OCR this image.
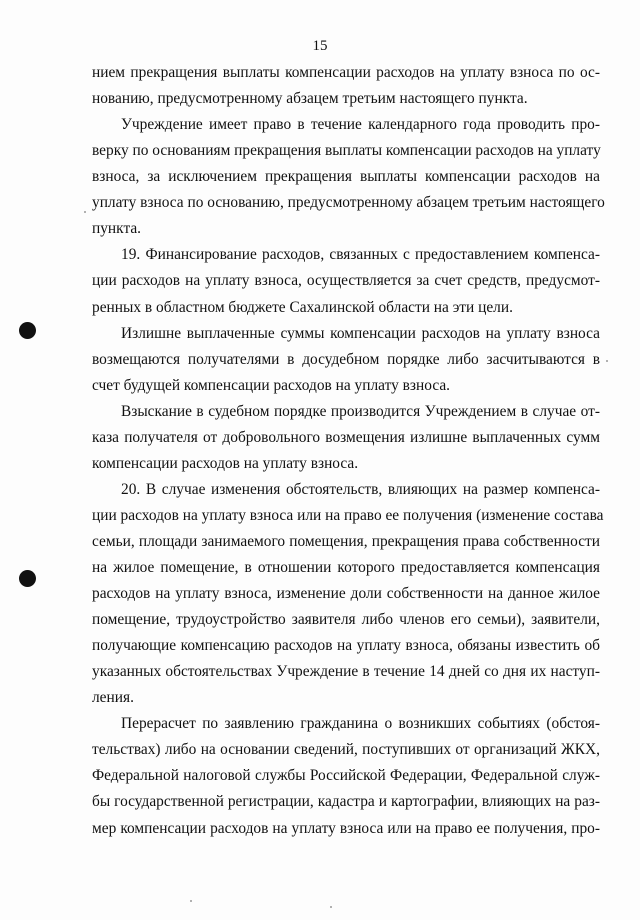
15
нием прекращения выплаты компенсации расходов на уплату взноса по ос-
нованию, предусмотренному абзацем третьим настоящего пункта.
Учреждение имеет право в течение календарного года проводить про-
верку по основаниям прекращения выплаты компенсации расходов на уплату
взноса, за исключением прекращения выплаты компенсации расходов на
уплату взноса по основанию, предусмотренному абзацем третьим настоящего
пункта.
19. Финансирование расходов, связанных с предоставлением компенса-
ции расходов на уплату взноса, осуществляется за счет средств, предусмот-
ренных в областном бюджете Сахалинской области на эти цели.
Излишне выплаченные суммы компенсации расходов на уплату взноса
возмещаются получателями в досудебном порядке либо засчитываются в
счет будущей компенсации расходов на уплату взноса.
Взыскание в судебном порядке производится Учреждением в случае от-
каза получателя от добровольного возмещения излишне выплаченных сумм
компенсации расходов на уплату взноса.
20. В случае изменения обстоятельств, влияющих на размер компенса-
ции расходов на уплату взноса или на право ее получения (изменение состава
семьи, площади занимаемого помещения, прекращения права собственности
на жилое помещение, в отношении которого предоставляется компенсация
расходов на уплату взноса, изменение доли собственности на данное жилое
помещение, трудоустройство заявителя либо членов его семьи), заявители,
получающие компенсацию расходов на уплату взноса, обязаны известить об
указанных обстоятельствах Учреждение в течение 14 дней со дня их наступ-
ления.
Перерасчет по заявлению гражданина о возникших событиях (обстоя-
тельствах) либо на основании сведений, поступивших от организаций ЖКХ,
Федеральной налоговой службы Российской Федерации, Федеральной служ-
бы государственной регистрации, кадастра и картографии, влияющих на раз-
мер компенсации расходов на уплату взноса или на право ее получения, про-
